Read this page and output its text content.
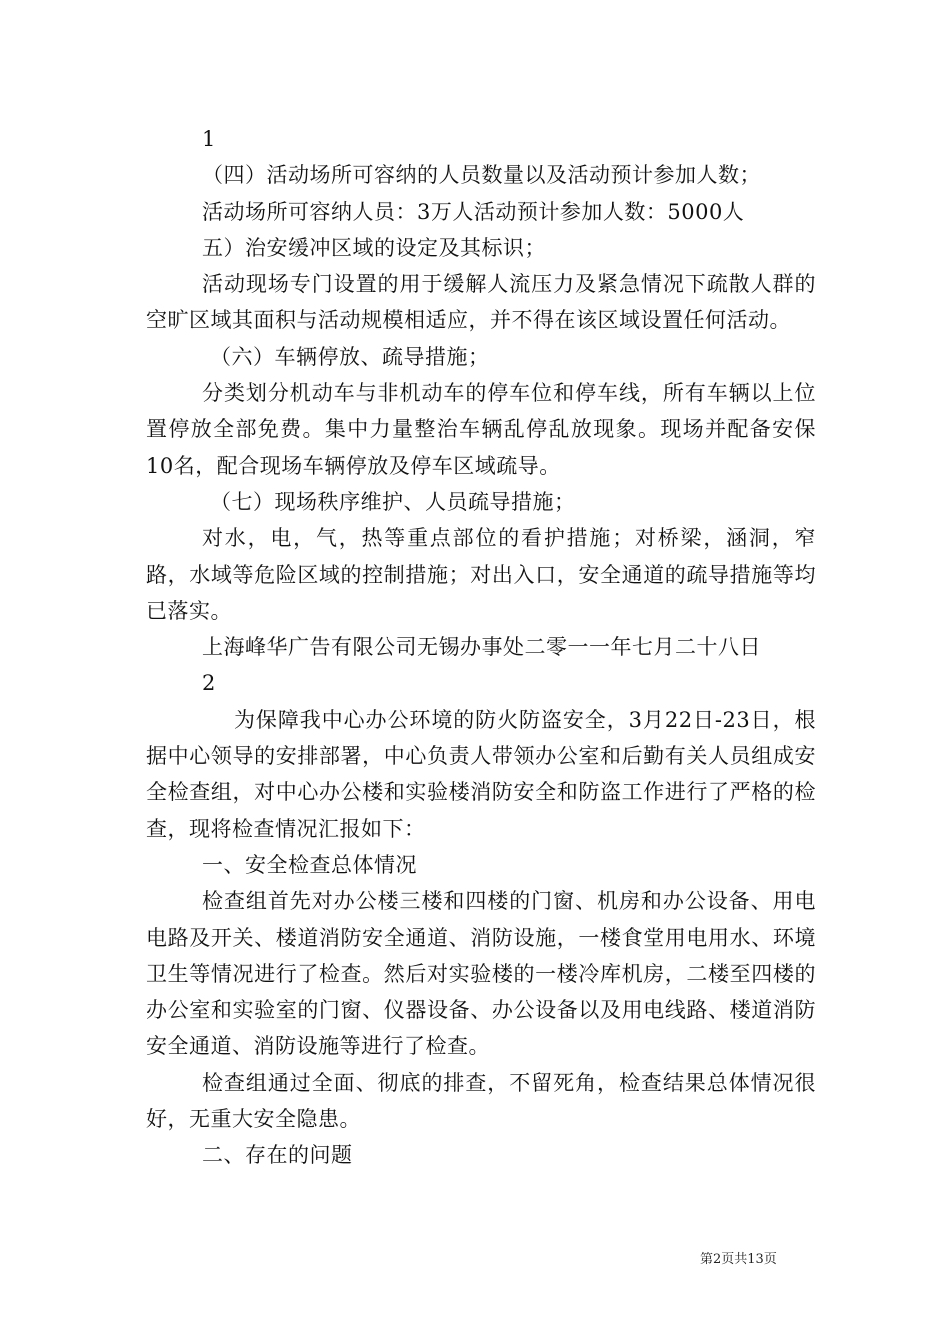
1

（四）活动场所可容纳的人员数量以及活动预计参加人数；

活动场所可容纳人员：3万人活动预计参加人数：5000人

五）治安缓冲区域的设定及其标识；

活动现场专门设置的用于缓解人流压力及紧急情况下疏散人群的空旷区域其面积与活动规模相适应，并不得在该区域设置任何活动。

（六）车辆停放、疏导措施；

分类划分机动车与非机动车的停车位和停车线，所有车辆以上位置停放全部免费。集中力量整治车辆乱停乱放现象。现场并配备安保10名，配合现场车辆停放及停车区域疏导。

（七）现场秩序维护、人员疏导措施；

对水，电，气，热等重点部位的看护措施；对桥梁，涵洞，窄路，水域等危险区域的控制措施；对出入口，安全通道的疏导措施等均已落实。

上海峰华广告有限公司无锡办事处二零一一年七月二十八日

2

为保障我中心办公环境的防火防盗安全，3月22日-23日，根据中心领导的安排部署，中心负责人带领办公室和后勤有关人员组成安全检查组，对中心办公楼和实验楼消防安全和防盗工作进行了严格的检查，现将检查情况汇报如下：

一、安全检查总体情况

检查组首先对办公楼三楼和四楼的门窗、机房和办公设备、用电电路及开关、楼道消防安全通道、消防设施，一楼食堂用电用水、环境卫生等情况进行了检查。然后对实验楼的一楼冷库机房，二楼至四楼的办公室和实验室的门窗、仪器设备、办公设备以及用电线路、楼道消防安全通道、消防设施等进行了检查。

检查组通过全面、彻底的排查，不留死角，检查结果总体情况很好，无重大安全隐患。

二、存在的问题

第2页共13页
